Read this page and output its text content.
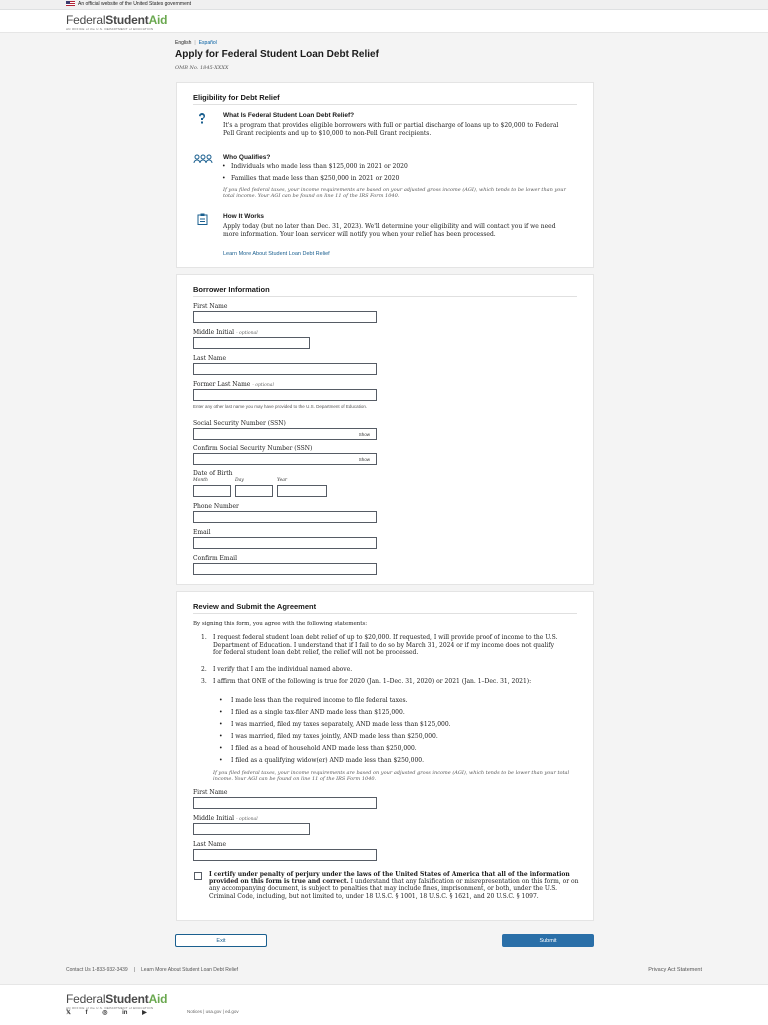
An official website of the United States government
FederalStudentAid
AN OFFICE of the U.S. DEPARTMENT of EDUCATION
English | Español
Apply for Federal Student Loan Debt Relief
OMB No. 1845-XXXX
Eligibility for Debt Relief
What Is Federal Student Loan Debt Relief?
It's a program that provides eligible borrowers with full or partial discharge of loans up to $20,000 to Federal Pell Grant recipients and up to $10,000 to non-Pell Grant recipients.
Who Qualifies?
• Individuals who made less than $125,000 in 2021 or 2020
• Families that made less than $250,000 in 2021 or 2020
If you filed federal taxes, your income requirements are based on your adjusted gross income (AGI), which tends to be lower than your total income. Your AGI can be found on line 11 of the IRS Form 1040.
How It Works
Apply today (but no later than Dec. 31, 2023). We'll determine your eligibility and will contact you if we need more information. Your loan servicer will notify you when your relief has been processed.
Learn More About Student Loan Debt Relief
Borrower Information
First Name
Middle Initial - optional
Last Name
Former Last Name - optional
Enter any other last name you may have provided to the U.S. Department of Education.
Social Security Number (SSN)
Show
Confirm Social Security Number (SSN)
Show
Date of Birth
Month	Day	Year
Phone Number
Email
Confirm Email
Review and Submit the Agreement
By signing this form, you agree with the following statements:
1. I request federal student loan debt relief of up to $20,000. If requested, I will provide proof of income to the U.S. Department of Education. I understand that if I fail to do so by March 31, 2024 or if my income does not qualify for federal student loan debt relief, the relief will not be processed.
2. I verify that I am the individual named above.
3. I affirm that ONE of the following is true for 2020 (Jan. 1–Dec. 31, 2020) or 2021 (Jan. 1–Dec. 31, 2021):
• I made less than the required income to file federal taxes.
• I filed as a single tax-filer AND made less than $125,000.
• I was married, filed my taxes separately, AND made less than $125,000.
• I was married, filed my taxes jointly, AND made less than $250,000.
• I filed as a head of household AND made less than $250,000.
• I filed as a qualifying widow(er) AND made less than $250,000.
If you filed federal taxes, your income requirements are based on your adjusted gross income (AGI), which tends to be lower than your total income. Your AGI can be found on line 11 of the IRS Form 1040.
First Name
Middle Initial - optional
Last Name
I certify under penalty of perjury under the laws of the United States of America that all of the information provided on this form is true and correct. I understand that any falsification or misrepresentation on this form, or on any accompanying document, is subject to penalties that may include fines, imprisonment, or both, under the U.S. Criminal Code, including, but not limited to, under 18 U.S.C. § 1001, 18 U.S.C. § 1621, and 20 U.S.C. § 1097.
Exit	Submit
Contact Us 1-833-932-3439 | Learn More About Student Loan Debt Relief	Privacy Act Statement
FederalStudentAid
AN OFFICE of the U.S. DEPARTMENT of EDUCATION
𝕏 f ◎ in ▶	Notices | usa.gov | ed.gov
